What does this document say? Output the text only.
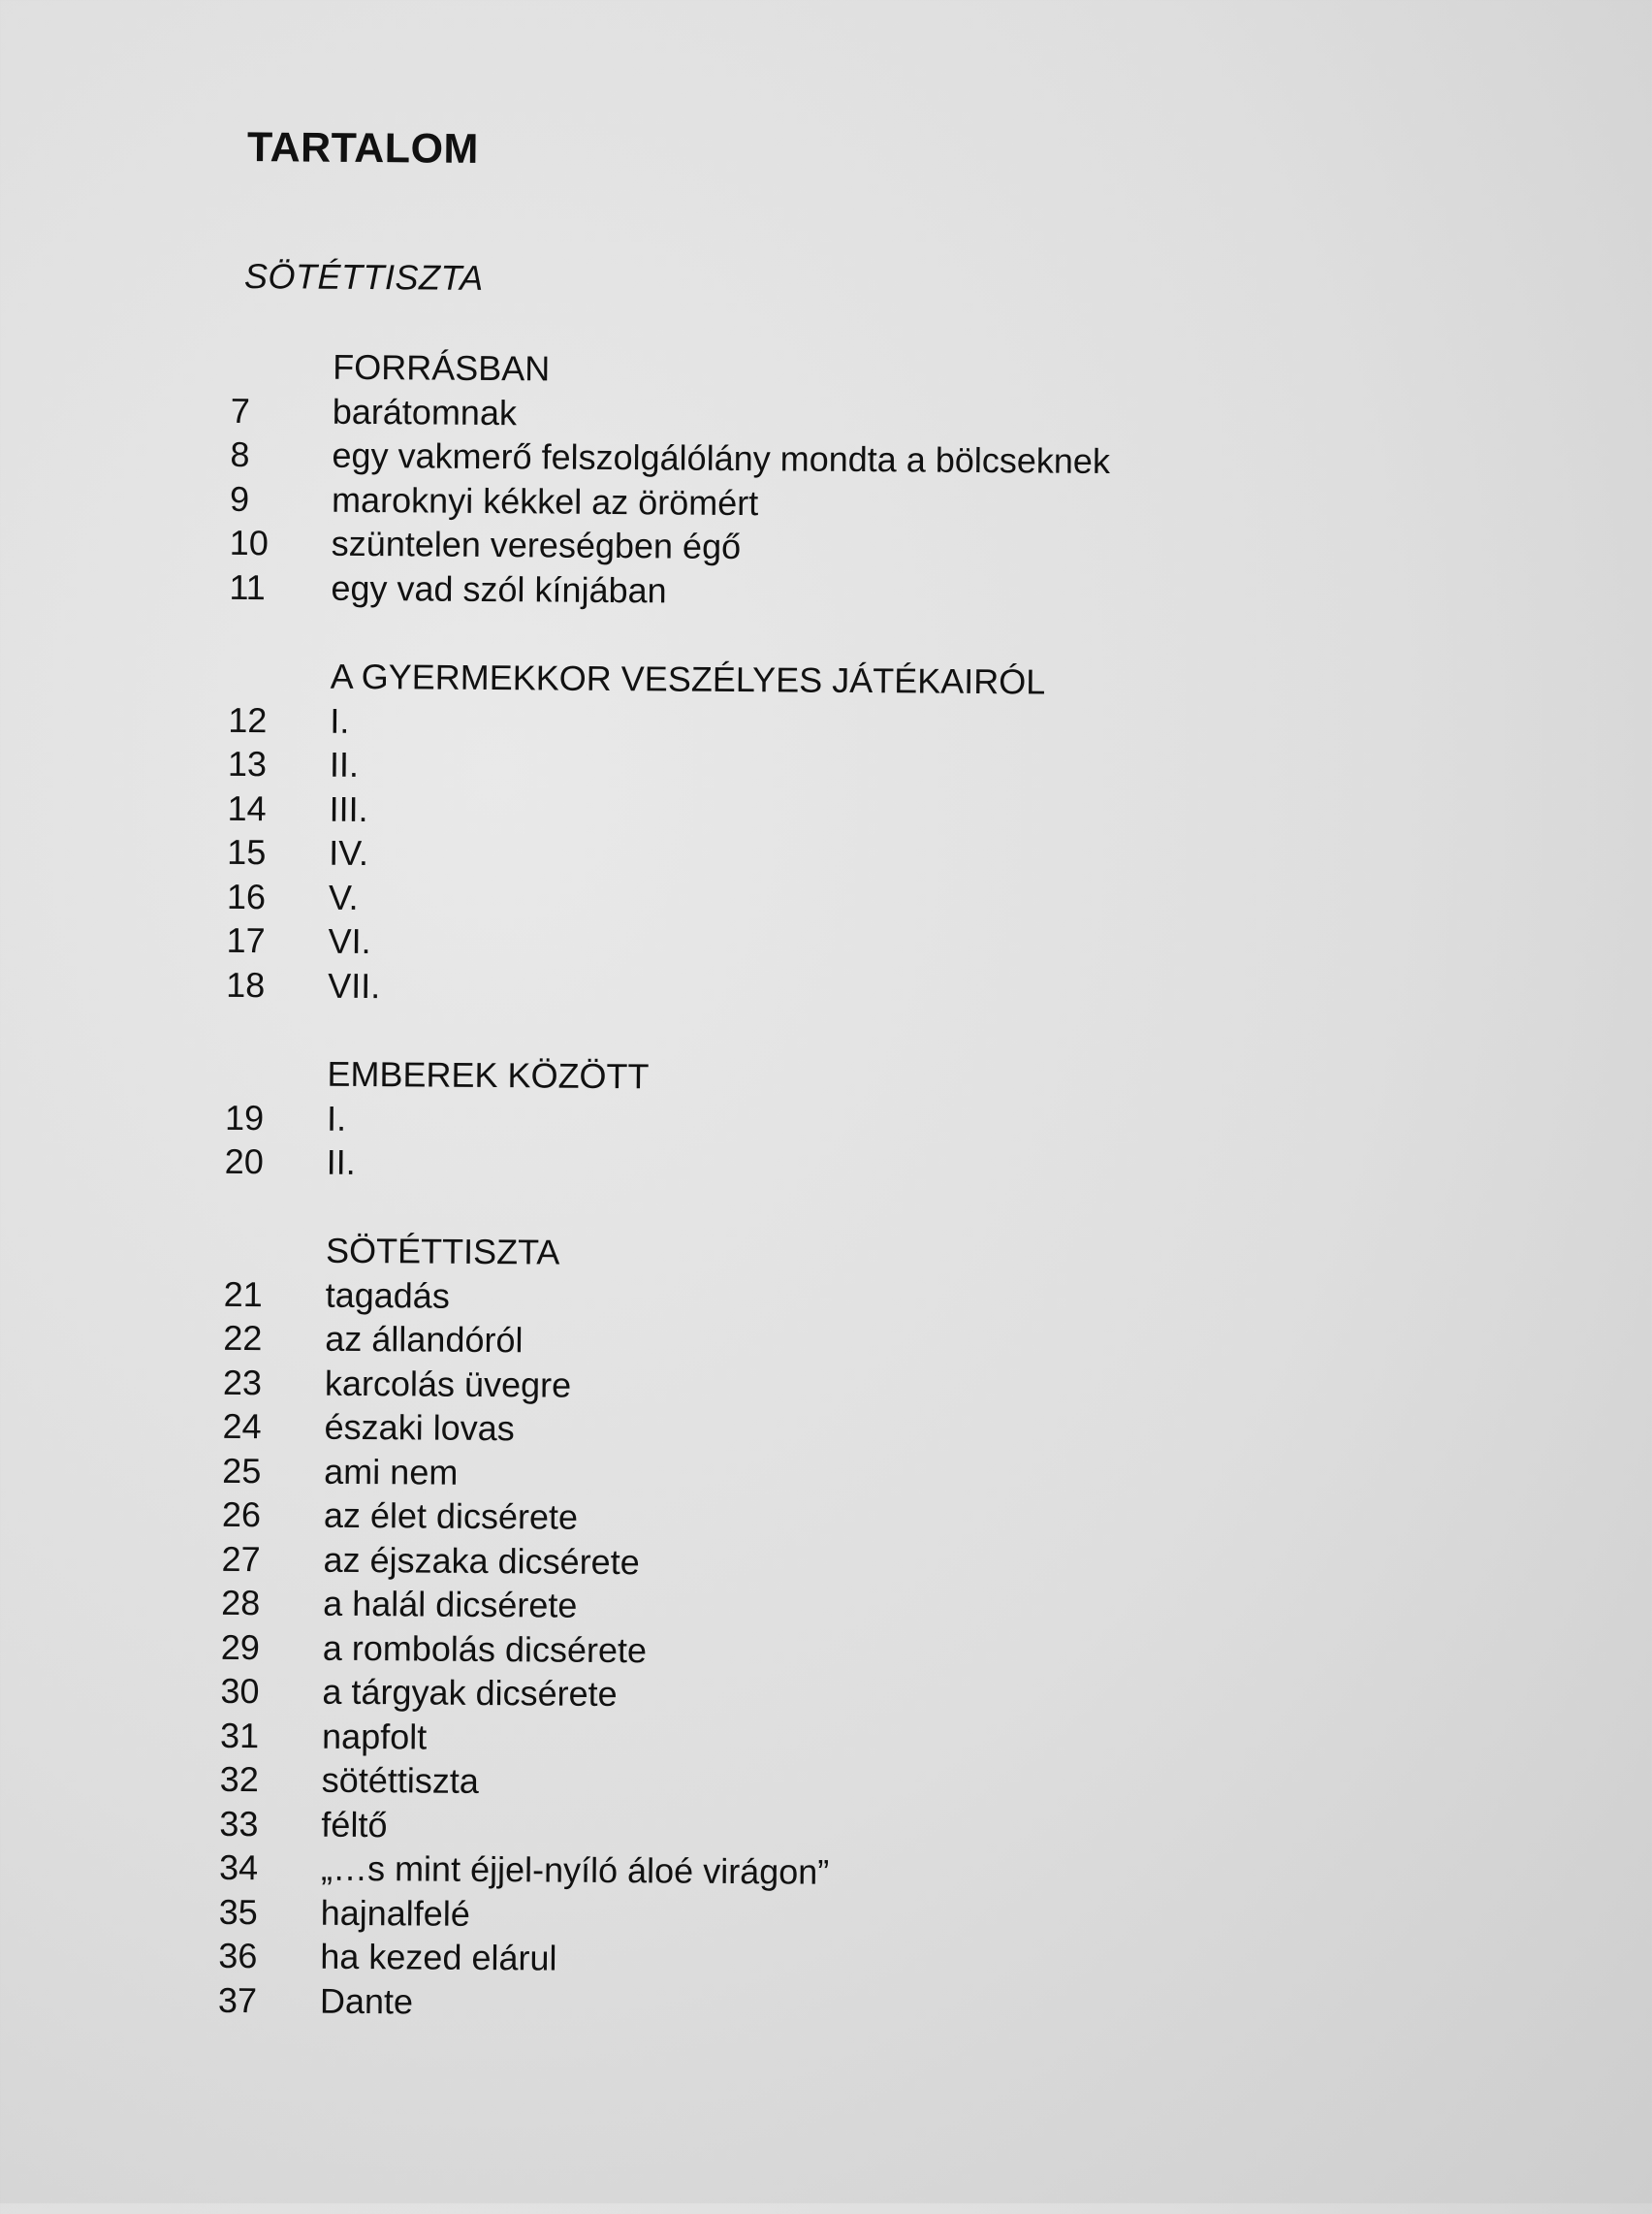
TARTALOM
SÖTÉTTISZTA
FORRÁSBAN
7	barátomnak
8	egy vakmerő felszolgálólány mondta a bölcseknek
9	maroknyi kékkel az örömért
10	szüntelen vereségben égő
11	egy vad szól kínjában
A GYERMEKKOR VESZÉLYES JÁTÉKAIRÓL
12	I.
13	II.
14	III.
15	IV.
16	V.
17	VI.
18	VII.
EMBEREK KÖZÖTT
19	I.
20	II.
SÖTÉTTISZTA
21	tagadás
22	az állandóról
23	karcolás üvegre
24	északi lovas
25	ami nem
26	az élet dicsérete
27	az éjszaka dicsérete
28	a halál dicsérete
29	a rombolás dicsérete
30	a tárgyak dicsérete
31	napfolt
32	sötéttiszta
33	féltő
34	„…s mint éjjel-nyíló áloé virágon”
35	hajnalfelé
36	ha kezed elárul
37	Dante
